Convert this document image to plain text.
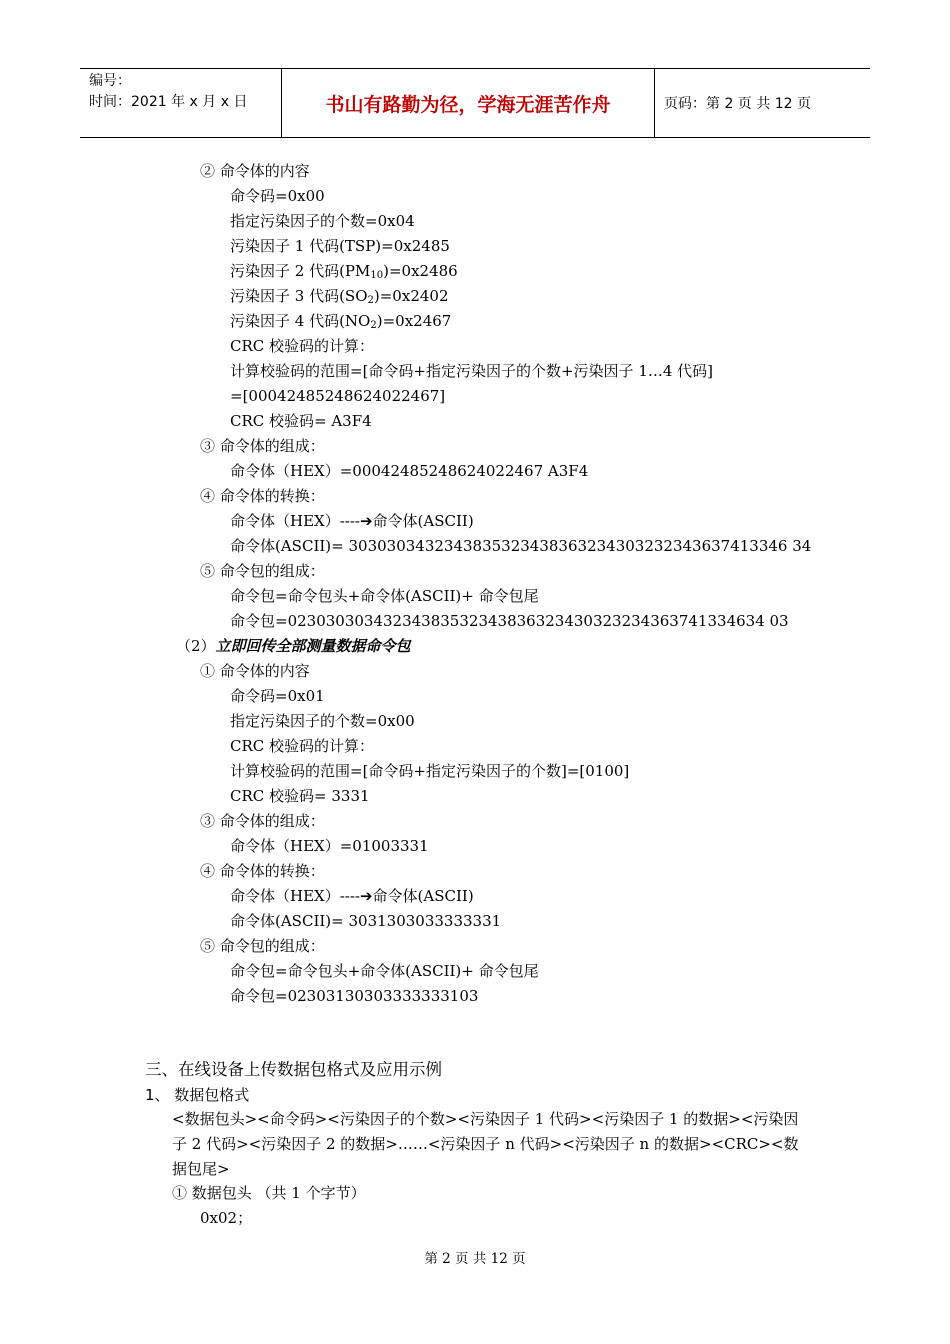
编号：
时间：2021 年 x 月 x 日	书山有路勤为径，学海无涯苦作舟	页码：第 2 页 共 12 页
② 命令体的内容
命令码=0x00
指定污染因子的个数=0x04
污染因子 1 代码(TSP)=0x2485
污染因子 2 代码$(PM_{10})=0x2486$
污染因子 3 代码$(SO_2)=0x2402$
污染因子 4 代码$(NO_2)=0x2467$
CRC 校验码的计算：
计算校验码的范围=[命令码+指定污染因子的个数+污染因子 1…4 代码]
=[00042485248624022467]
CRC 校验码= A3F4
③ 命令体的组成：
命令体（HEX）=00042485248624022467 A3F4
④ 命令体的转换：
命令体（HEX）----➔命令体(ASCII)
命令体(ASCII)= 3030303432343835323438363234303232343637413346 34
⑤ 命令包的组成：
命令包=命令包头+命令体(ASCII)+ 命令包尾
命令包=02303030343234383532343836323430323234363741334634 03
（2）立即回传全部测量数据命令包
① 命令体的内容
命令码=0x01
指定污染因子的个数=0x00
CRC 校验码的计算：
计算校验码的范围=[命令码+指定污染因子的个数]=[0100]
CRC 校验码= 3331
③ 命令体的组成：
命令体（HEX）=01003331
④ 命令体的转换：
命令体（HEX）----➔命令体(ASCII)
命令体(ASCII)= 3031303033333331
⑤ 命令包的组成：
命令包=命令包头+命令体(ASCII)+ 命令包尾
命令包=02303130303333333103
三、在线设备上传数据包格式及应用示例
1、 数据包格式
<数据包头><命令码><污染因子的个数><污染因子 1 代码><污染因子 1 的数据><污染因子 2 代码><污染因子 2 的数据>……<污染因子 n 代码><污染因子 n 的数据><CRC><数据包尾>
① 数据包头 （共 1 个字节）
0x02；
第 2 页 共 12 页
